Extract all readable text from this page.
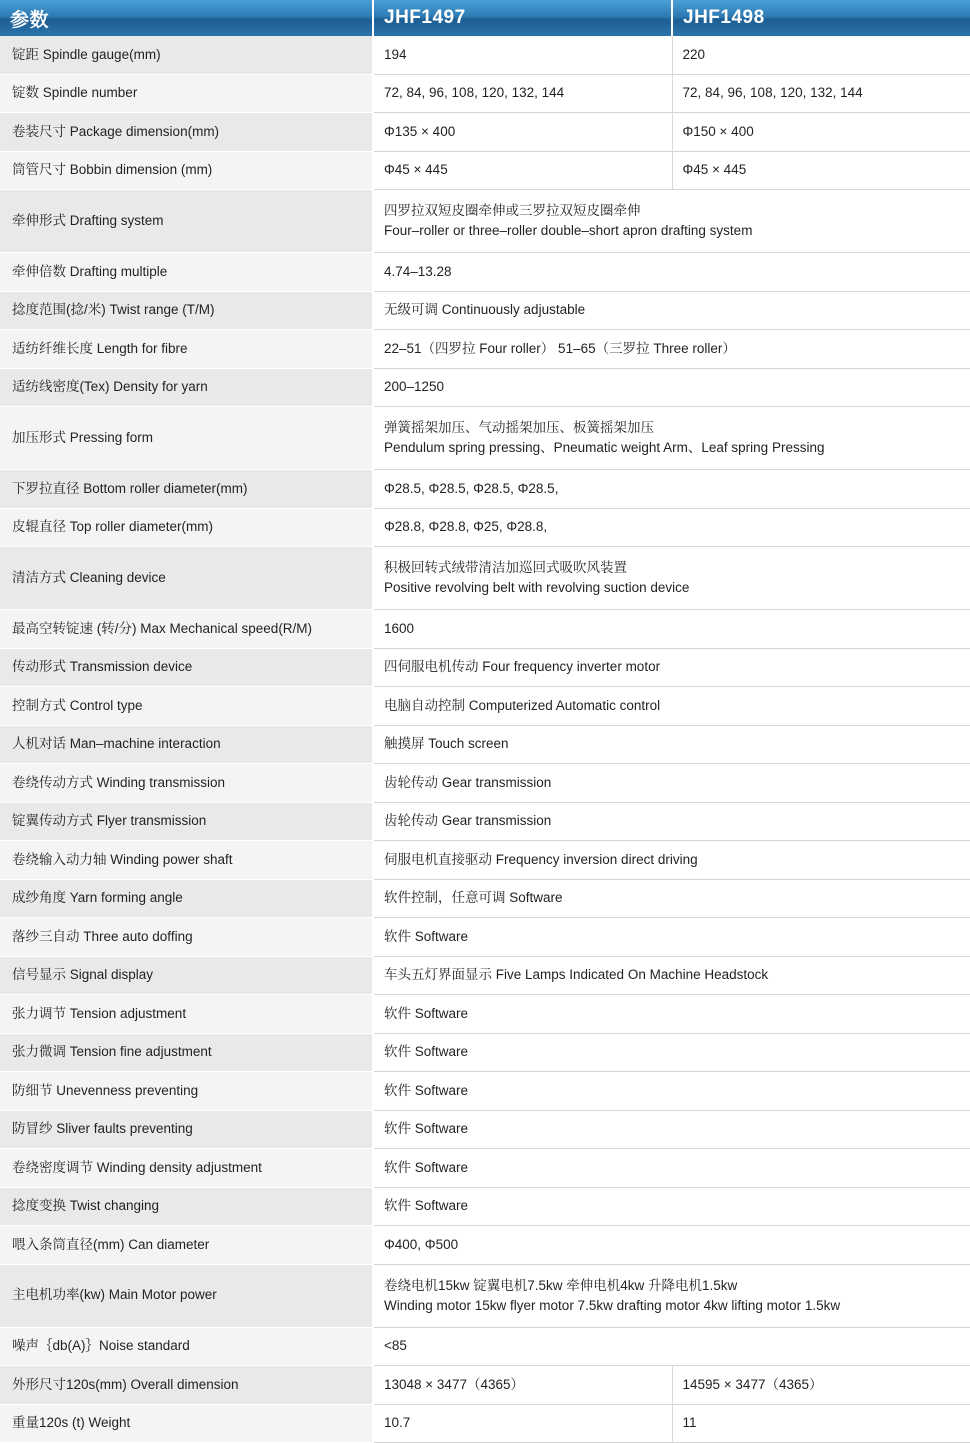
参数	JHF1497	JHF1498
锭距 Spindle gauge(mm)	194	220
锭数 Spindle number	72, 84, 96, 108, 120, 132, 144	72, 84, 96, 108, 120, 132, 144
卷装尺寸 Package dimension(mm)	Φ135 × 400	Φ150 × 400
筒管尺寸 Bobbin dimension (mm)	Φ45 × 445	Φ45 × 445
牵伸形式 Drafting system	四罗拉双短皮圈牵伸或三罗拉双短皮圈牵伸
Four–roller or three–roller double–short apron drafting system	

牵伸倍数 Drafting multiple	4.74–13.28	

捻度范围(捻/米) Twist range (T/M)	无级可调 Continuously adjustable	

适纺纤维长度 Length for fibre	22–51（四罗拉 Four roller） 51–65（三罗拉 Three roller）	

适纺线密度(Tex) Density for yarn	200–1250	

加压形式 Pressing form	弹簧摇架加压、气动摇架加压、板簧摇架加压
Pendulum spring pressing、Pneumatic weight Arm、Leaf spring Pressing	

下罗拉直径 Bottom roller diameter(mm)	Φ28.5, Φ28.5, Φ28.5, Φ28.5,	

皮辊直径 Top roller diameter(mm)	Φ28.8, Φ28.8, Φ25, Φ28.8,	

清洁方式 Cleaning device	积极回转式绒带清洁加巡回式吸吹风装置
Positive revolving belt with revolving suction device	

最高空转锭速 (转/分) Max Mechanical speed(R/M)	1600	

传动形式 Transmission device	四伺服电机传动 Four frequency inverter motor	

控制方式 Control type	电脑自动控制 Computerized Automatic control	

人机对话 Man–machine interaction	触摸屏 Touch screen	

卷绕传动方式 Winding transmission	齿轮传动 Gear transmission	

锭翼传动方式 Flyer transmission	齿轮传动 Gear transmission	

卷绕输入动力轴 Winding power shaft	伺服电机直接驱动 Frequency inversion direct driving	

成纱角度 Yarn forming angle	软件控制，任意可调 Software	

落纱三自动 Three auto doffing	软件 Software	

信号显示 Signal display	车头五灯界面显示 Five Lamps Indicated On Machine Headstock	

张力调节 Tension adjustment	软件 Software	

张力微调 Tension fine adjustment	软件 Software	

防细节 Unevenness preventing	软件 Software	

防冒纱 Sliver faults preventing	软件 Software	

卷绕密度调节 Winding density adjustment	软件 Software	

捻度变换 Twist changing	软件 Software	

喂入条筒直径(mm) Can diameter	Φ400, Φ500	

主电机功率(kw) Main Motor power	卷绕电机15kw 锭翼电机7.5kw 牵伸电机4kw 升降电机1.5kw
Winding motor 15kw flyer motor 7.5kw drafting motor 4kw lifting motor 1.5kw	

噪声｛db(A)｝Noise standard	<85	

外形尺寸120s(mm) Overall dimension	13048 × 3477（4365）	14595 × 3477（4365）
重量120s (t) Weight	10.7	11
